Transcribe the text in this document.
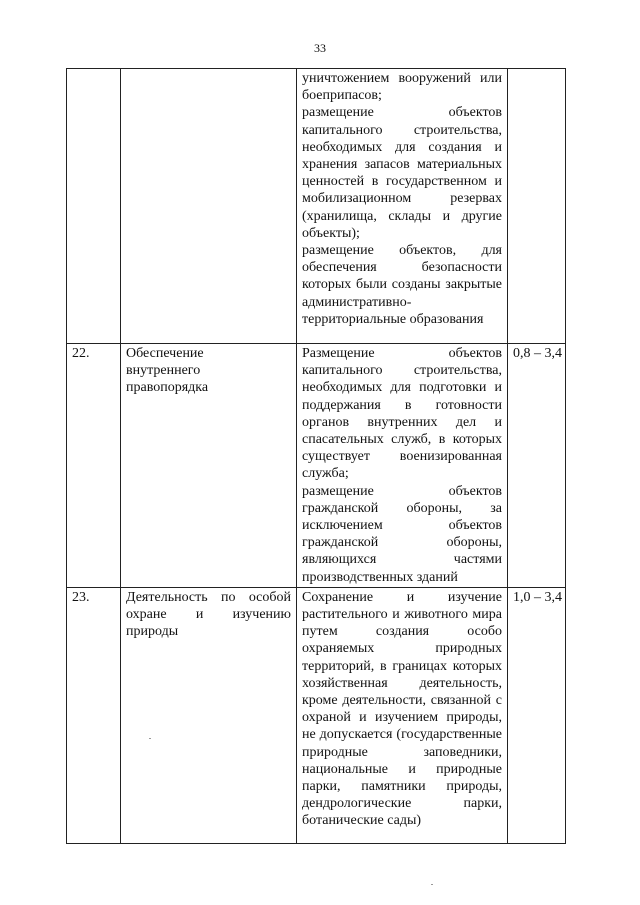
33

		уничтожением вооружений или боеприпасов;
размещение объектов капитального строительства, необходимых для создания и хранения запасов материальных ценностей в государственном и мобилизационном резервах (хранилища, склады и другие объекты);
размещение объектов, для обеспечения безопасности которых были созданы закрытые административно-территориальные образования	

22.	Обеспечение внутреннего правопорядка	Размещение объектов капитального строительства, необходимых для подготовки и поддержания в готовности органов внутренних дел и спасательных служб, в которых существует военизированная служба;
размещение объектов гражданской обороны, за исключением объектов гражданской обороны, являющихся частями производственных зданий	0,8 – 3,4
23.	Деятельность по особой охране и изучению природы	Сохранение и изучение растительного и животного мира путем создания особо охраняемых природных территорий, в границах которых хозяйственная деятельность, кроме деятельности, связанной с охраной и изучением природы, не допускается (государственные природные заповедники, национальные и природные парки, памятники природы, дендрологические парки, ботанические сады)	1,0 – 3,4
